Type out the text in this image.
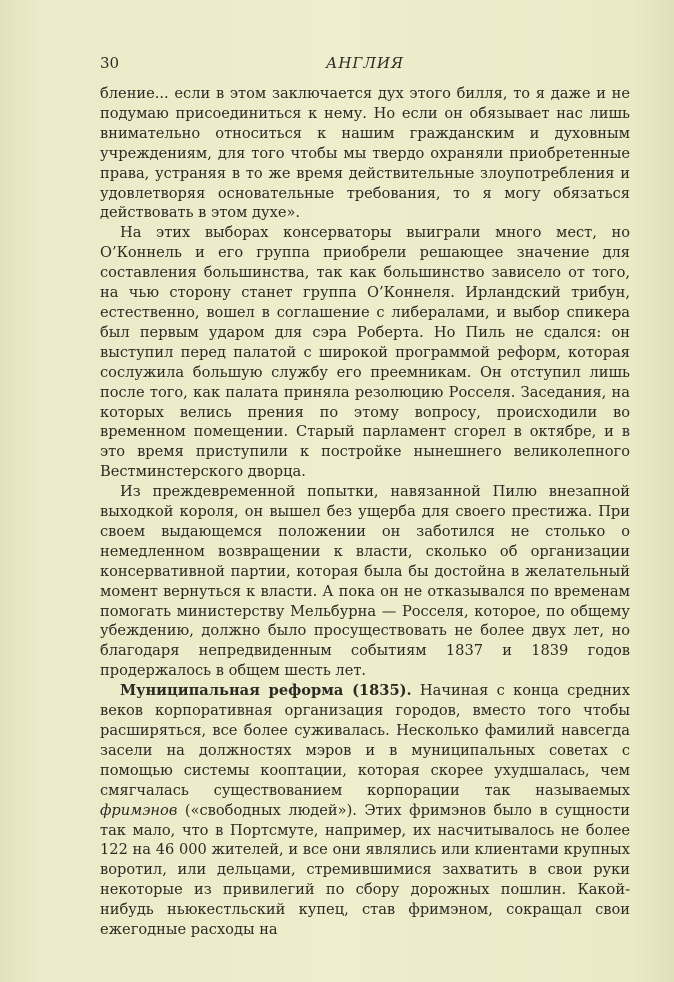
30	АНГЛИЯ

бление... если в этом заключается дух этого билля, то я даже и не подумаю присоединиться к нему. Но если он обязывает нас лишь внимательно относиться к нашим гражданским и духовным учреждениям, для того чтобы мы твердо охраняли приобретенные права, устраняя в то же время действительные злоупотребления и удовлетворяя основательные требования, то я могу обязаться действовать в этом духе».

На этих выборах консерваторы выиграли много мест, но О’Коннель и его группа приобрели решающее значение для составления большинства, так как большинство зависело от того, на чью сторону станет группа О’Коннеля. Ирландский трибун, естественно, вошел в соглашение с либералами, и выбор спикера был первым ударом для сэра Роберта. Но Пиль не сдался: он выступил перед палатой с широкой программой реформ, которая сослужила большую службу его преемникам. Он отступил лишь после того, как палата приняла резолюцию Росселя. Заседания, на которых велись прения по этому вопросу, происходили во временном помещении. Старый парламент сгорел в октябре, и в это время приступили к постройке нынешнего великолепного Вестминстерского дворца.

Из преждевременной попытки, навязанной Пилю внезапной выходкой короля, он вышел без ущерба для своего престижа. При своем выдающемся положении он заботился не столько о немедленном возвращении к власти, сколько об организации консервативной партии, которая была бы достойна в желательный момент вернуться к власти. А пока он не отказывался по временам помогать министерству Мельбурна — Росселя, которое, по общему убеждению, должно было просуществовать не более двух лет, но благодаря непредвиденным событиям 1837 и 1839 годов продержалось в общем шесть лет.

Муниципальная реформа (1835). Начиная с конца средних веков корпоративная организация городов, вместо того чтобы расширяться, все более суживалась. Несколько фамилий навсегда засели на должностях мэров и в муниципальных советах с помощью системы кооптации, которая скорее ухудшалась, чем смягчалась существованием корпорации так называемых фримэнов («свободных людей»). Этих фримэнов было в сущности так мало, что в Портсмуте, например, их насчитывалось не более 122 на 46 000 жителей, и все они являлись или клиентами крупных воротил, или дельцами, стремившимися захватить в свои руки некоторые из привилегий по сбору дорожных пошлин. Какой-нибудь ньюкестльский купец, став фримэном, сокращал свои ежегодные расходы на
